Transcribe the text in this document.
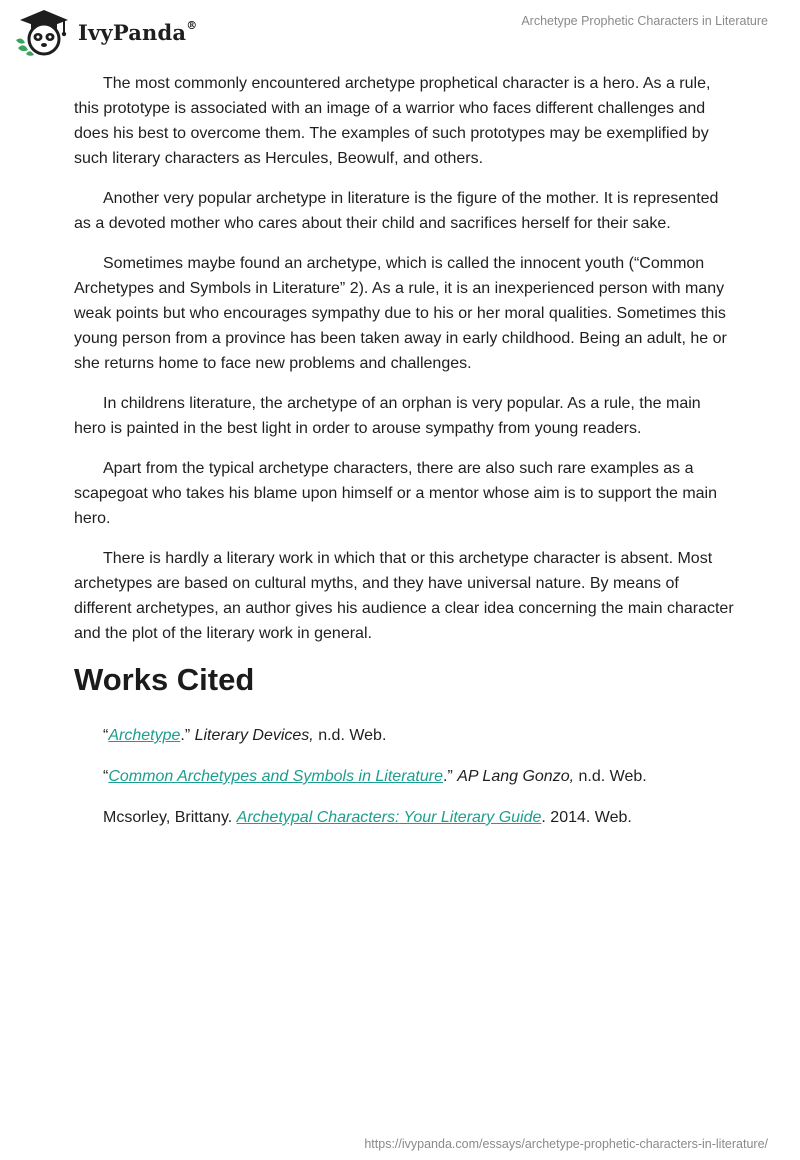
IvyPanda®	Archetype Prophetic Characters in Literature

The most commonly encountered archetype prophetical character is a hero. As a rule, this prototype is associated with an image of a warrior who faces different challenges and does his best to overcome them. The examples of such prototypes may be exemplified by such literary characters as Hercules, Beowulf, and others.

Another very popular archetype in literature is the figure of the mother. It is represented as a devoted mother who cares about their child and sacrifices herself for their sake.

Sometimes maybe found an archetype, which is called the innocent youth (“Common Archetypes and Symbols in Literature” 2). As a rule, it is an inexperienced person with many weak points but who encourages sympathy due to his or her moral qualities. Sometimes this young person from a province has been taken away in early childhood. Being an adult, he or she returns home to face new problems and challenges.

In childrens literature, the archetype of an orphan is very popular. As a rule, the main hero is painted in the best light in order to arouse sympathy from young readers.

Apart from the typical archetype characters, there are also such rare examples as a scapegoat who takes his blame upon himself or a mentor whose aim is to support the main hero.

There is hardly a literary work in which that or this archetype character is absent. Most archetypes are based on cultural myths, and they have universal nature. By means of different archetypes, an author gives his audience a clear idea concerning the main character and the plot of the literary work in general.

Works Cited
“Archetype.” Literary Devices, n.d. Web.
“Common Archetypes and Symbols in Literature.” AP Lang Gonzo, n.d. Web.
Mcsorley, Brittany. Archetypal Characters: Your Literary Guide. 2014. Web.
https://ivypanda.com/essays/archetype-prophetic-characters-in-literature/
